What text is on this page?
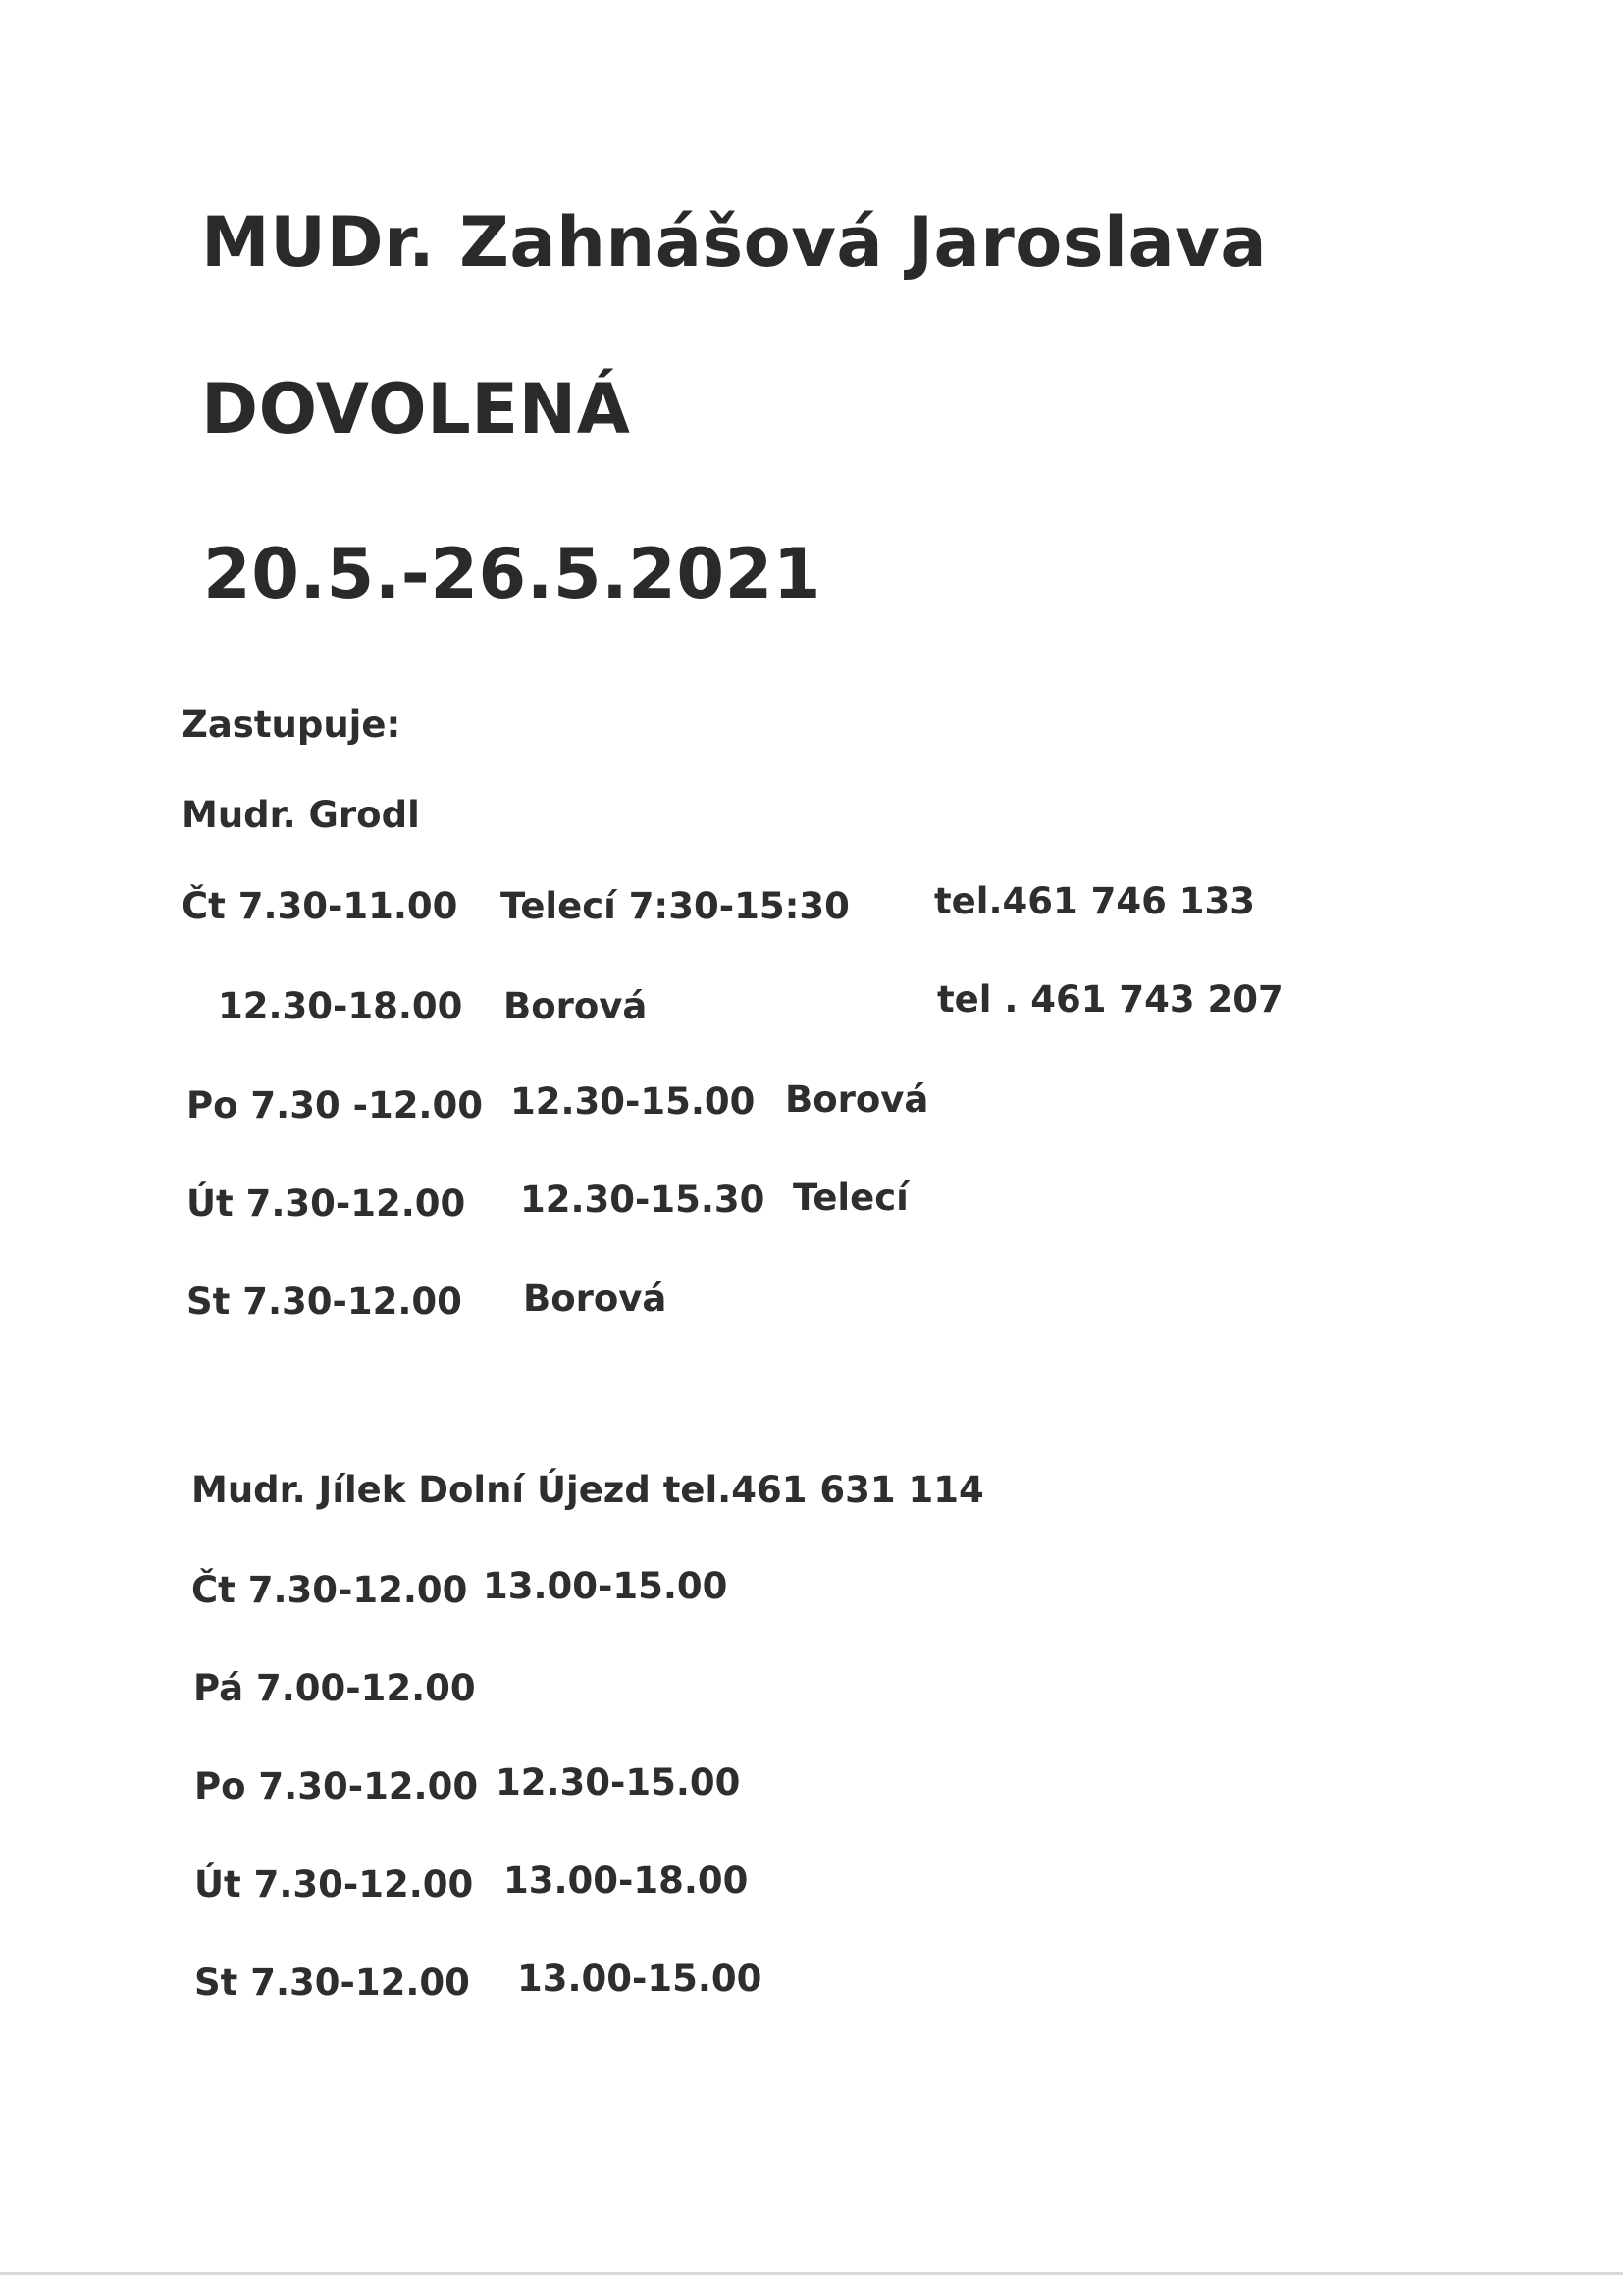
MUDr. Zahnášová Jaroslava
DOVOLENÁ
20.5.-26.5.2021
Zastupuje:
Mudr. Grodl
Čt 7.30-11.00 Telecí 7:30-15:30 tel.461 746 133
12.30-18.00 Borová	tel . 461 743 207
Po 7.30 -12.00 12.30-15.00 Borová
Út 7.30-12.00 12.30-15.30 Telecí
St 7.30-12.00 Borová
Mudr. Jílek Dolní Újezd tel.461 631 114
Čt 7.30-12.00 13.00-15.00
Pá 7.00-12.00
Po 7.30-12.00 12.30-15.00
Út 7.30-12.00 13.00-18.00
St 7.30-12.00 13.00-15.00
